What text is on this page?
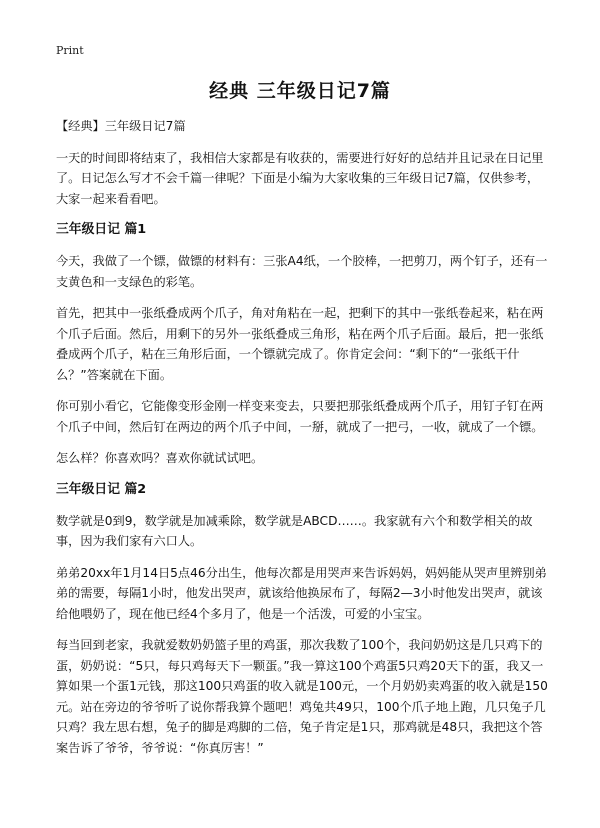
Print
经典 三年级日记7篇

【经典】三年级日记7篇

一天的时间即将结束了，我相信大家都是有收获的，需要进行好好的总结并且记录在日记里了。日记怎么写才不会千篇一律呢？下面是小编为大家收集的三年级日记7篇，仅供参考，大家一起来看看吧。

三年级日记 篇1

今天，我做了一个镖，做镖的材料有：三张A4纸，一个胶棒，一把剪刀，两个钉子，还有一支黄色和一支绿色的彩笔。

首先，把其中一张纸叠成两个爪子，角对角粘在一起，把剩下的其中一张纸卷起来，粘在两个爪子后面。然后，用剩下的另外一张纸叠成三角形，粘在两个爪子后面。最后，把一张纸叠成两个爪子，粘在三角形后面，一个镖就完成了。你肯定会问：“剩下的“一张纸干什么？”答案就在下面。

你可别小看它，它能像变形金刚一样变来变去，只要把那张纸叠成两个爪子，用钉子钉在两个爪子中间，然后钉在两边的两个爪子中间，一掰，就成了一把弓，一收，就成了一个镖。

怎么样？你喜欢吗？喜欢你就试试吧。

三年级日记 篇2

数学就是0到9，数学就是加减乘除，数学就是ABCD……。我家就有六个和数学相关的故事，因为我们家有六口人。

弟弟20xx年1月14日5点46分出生，他每次都是用哭声来告诉妈妈，妈妈能从哭声里辨别弟弟的需要，每隔1小时，他发出哭声，就该给他换尿布了，每隔2—3小时他发出哭声，就该给他喂奶了，现在他已经4个多月了，他是一个活泼，可爱的小宝宝。

每当回到老家，我就爱数奶奶篮子里的鸡蛋，那次我数了100个，我问奶奶这是几只鸡下的蛋，奶奶说：“5只，每只鸡每天下一颗蛋。”我一算这100个鸡蛋5只鸡20天下的蛋，我又一算如果一个蛋1元钱，那这100只鸡蛋的收入就是100元，一个月奶奶卖鸡蛋的收入就是150元。站在旁边的爷爷听了说你帮我算个题吧！鸡兔共49只，100个爪子地上跑，几只兔子几只鸡？我左思右想，兔子的脚是鸡脚的二倍，兔子肯定是1只，那鸡就是48只，我把这个答案告诉了爷爷，爷爷说：“你真厉害！”
